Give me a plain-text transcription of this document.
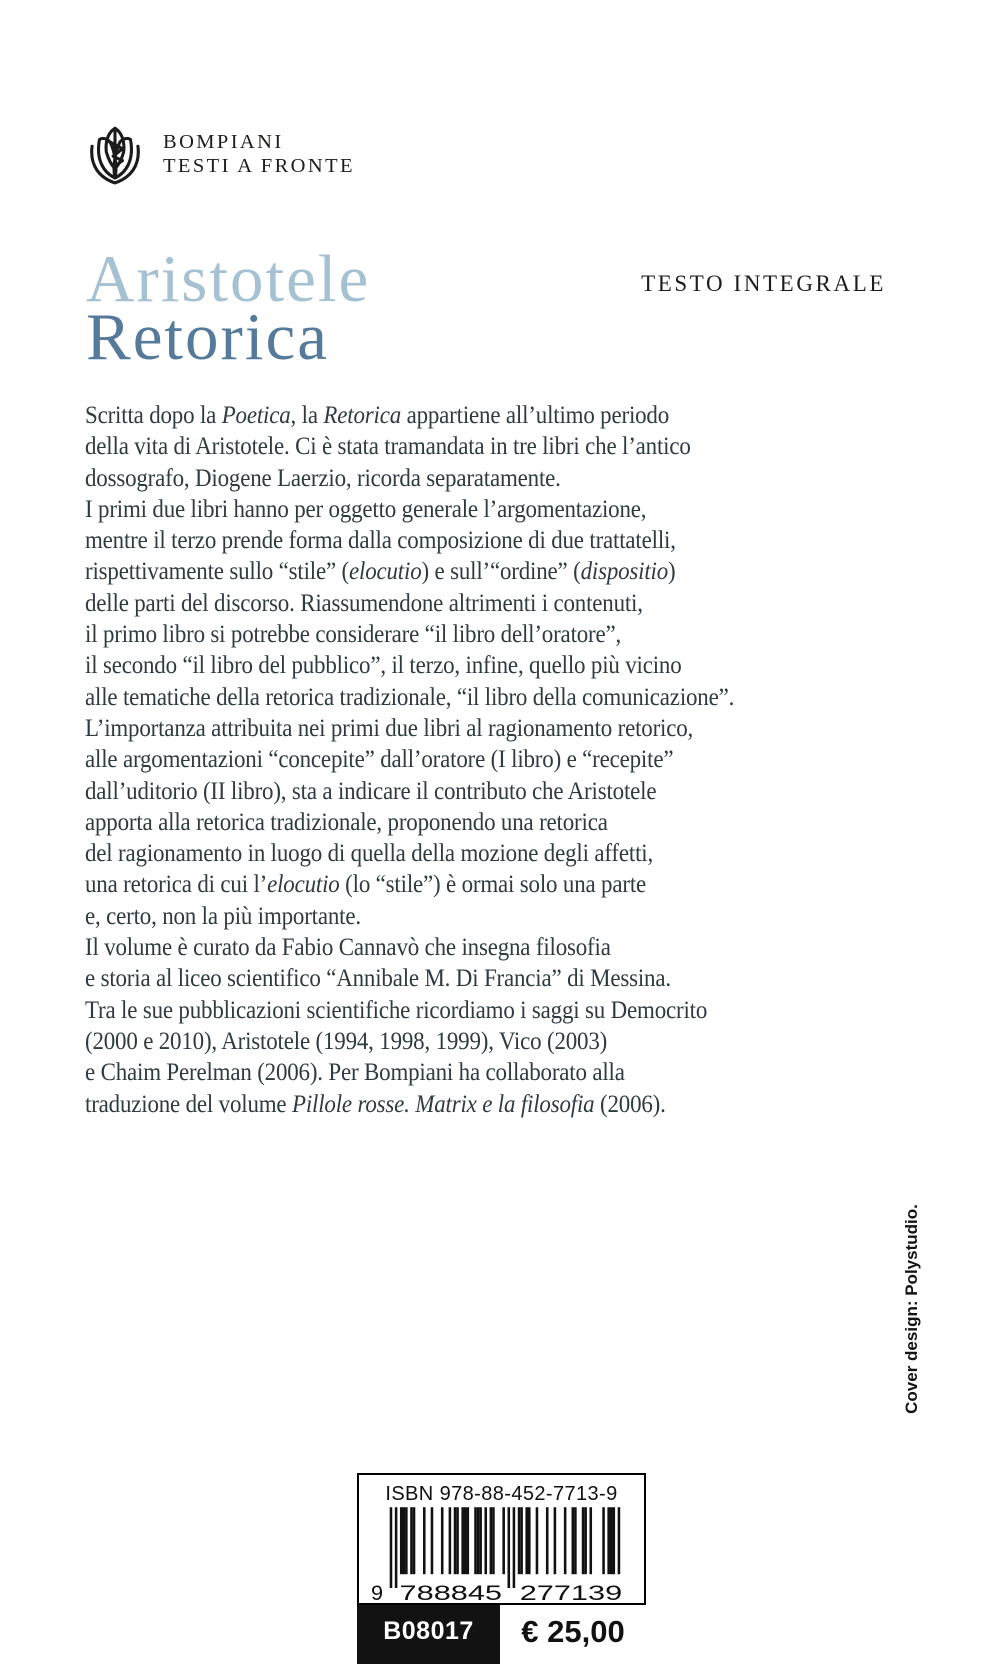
BOMPIANI
TESTI A FRONTE
Aristotele
Retorica
TESTO INTEGRALE
Scritta dopo la Poetica, la Retorica appartiene all’ultimo periodo
della vita di Aristotele. Ci è stata tramandata in tre libri che l’antico
dossografo, Diogene Laerzio, ricorda separatamente.
I primi due libri hanno per oggetto generale l’argomentazione,
mentre il terzo prende forma dalla composizione di due trattatelli,
rispettivamente sullo “stile” (elocutio) e sull’“ordine” (dispositio)
delle parti del discorso. Riassumendone altrimenti i contenuti,
il primo libro si potrebbe considerare “il libro dell’oratore”,
il secondo “il libro del pubblico”, il terzo, infine, quello più vicino
alle tematiche della retorica tradizionale, “il libro della comunicazione”.
L’importanza attribuita nei primi due libri al ragionamento retorico,
alle argomentazioni “concepite” dall’oratore (I libro) e “recepite”
dall’uditorio (II libro), sta a indicare il contributo che Aristotele
apporta alla retorica tradizionale, proponendo una retorica
del ragionamento in luogo di quella della mozione degli affetti,
una retorica di cui l’elocutio (lo “stile”) è ormai solo una parte
e, certo, non la più importante.
Il volume è curato da Fabio Cannavò che insegna filosofia
e storia al liceo scientifico “Annibale M. Di Francia” di Messina.
Tra le sue pubblicazioni scientifiche ricordiamo i saggi su Democrito
(2000 e 2010), Aristotele (1994, 1998, 1999), Vico (2003)
e Chaim Perelman (2006). Per Bompiani ha collaborato alla
traduzione del volume Pillole rosse. Matrix e la filosofia (2006).
Cover design: Polystudio.
ISBN 978-88-452-7713-9
9 788845 277139
B08017 € 25,00
